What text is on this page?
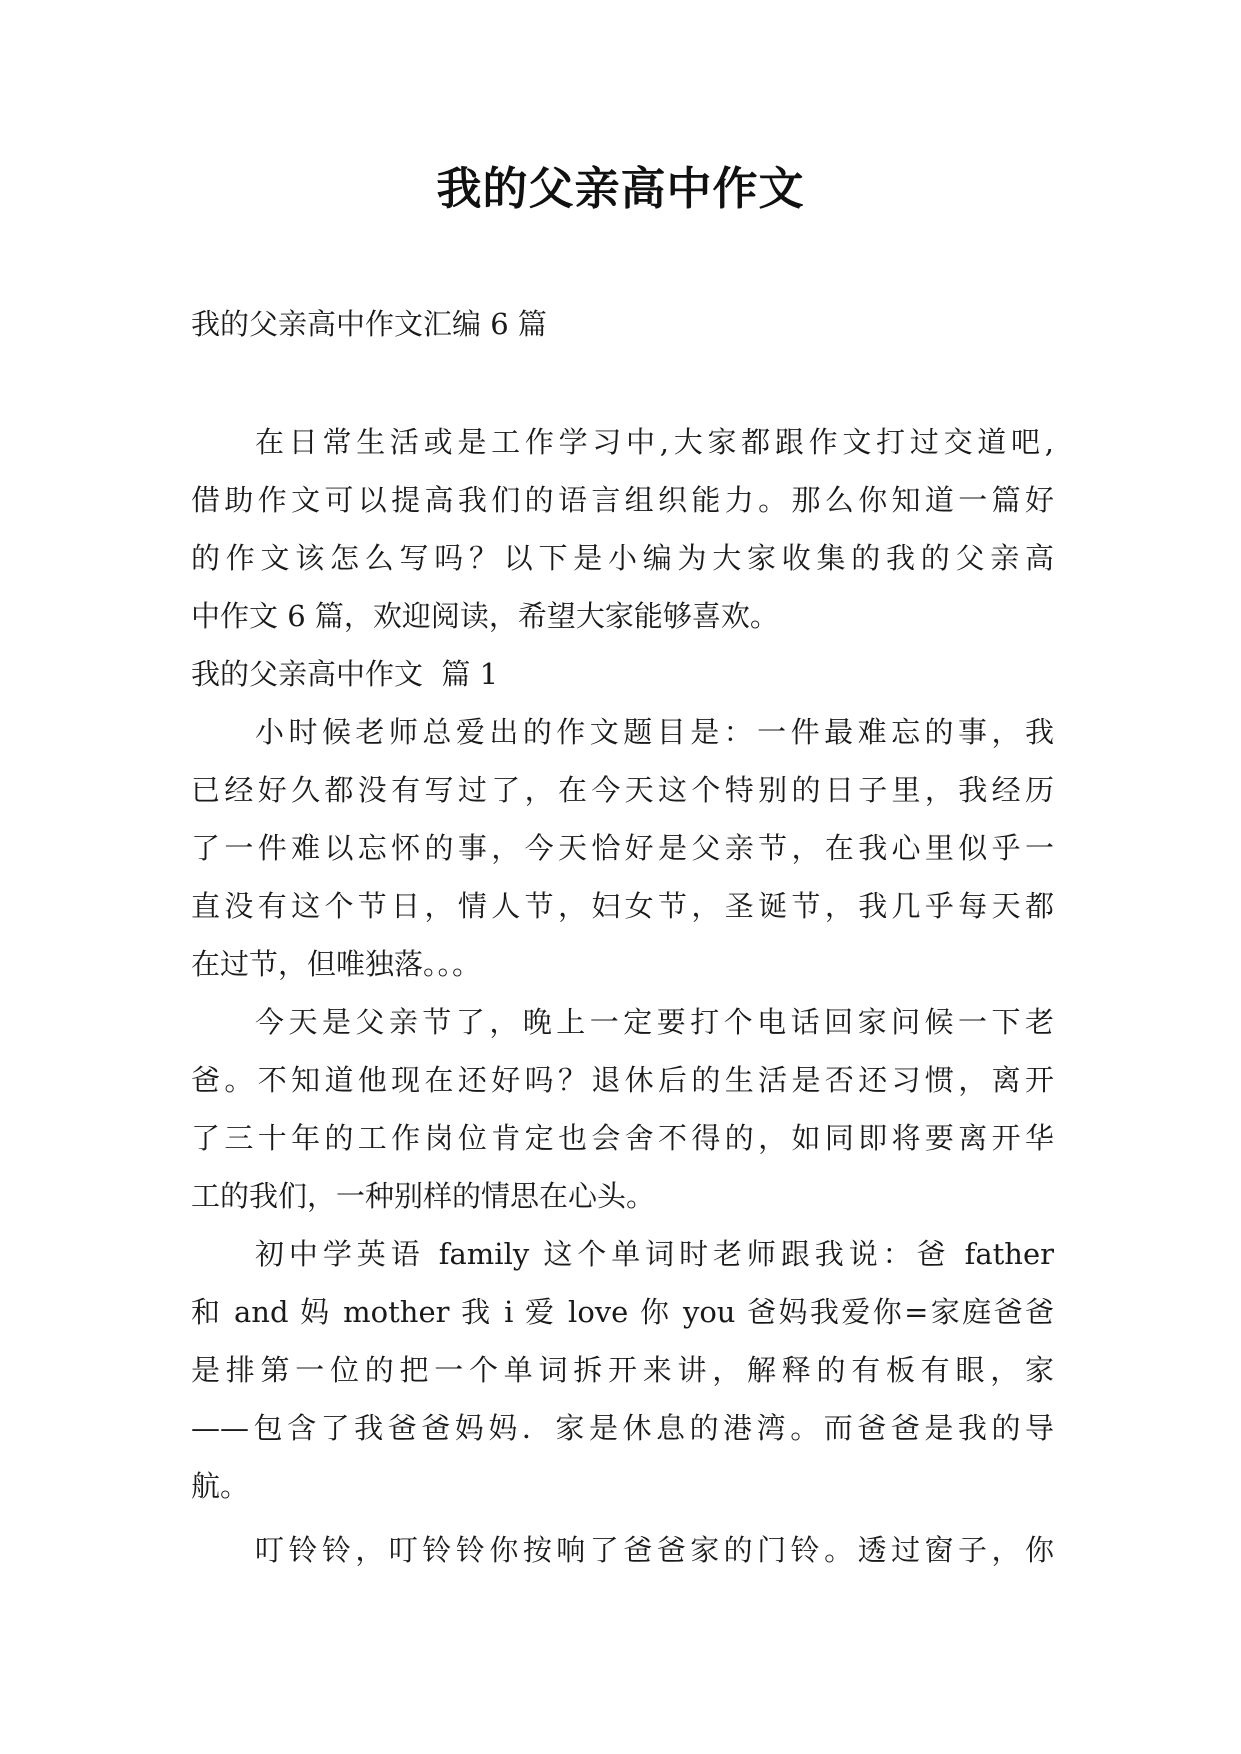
我的父亲高中作文
我的父亲高中作文汇编 6 篇
在日常生活或是工作学习中,大家都跟作文打过交道吧,
借助作文可以提高我们的语言组织能力。那么你知道一篇好
的作文该怎么写吗？以下是小编为大家收集的我的父亲高
中作文 6 篇，欢迎阅读，希望大家能够喜欢。
我的父亲高中作文  篇 1
小时候老师总爱出的作文题目是：一件最难忘的事，我
已经好久都没有写过了，在今天这个特别的日子里，我经历
了一件难以忘怀的事，今天恰好是父亲节，在我心里似乎一
直没有这个节日，情人节，妇女节，圣诞节，我几乎每天都
在过节，但唯独落。。。
今天是父亲节了，晚上一定要打个电话回家问候一下老
爸。不知道他现在还好吗？退休后的生活是否还习惯，离开
了三十年的工作岗位肯定也会舍不得的，如同即将要离开华
工的我们，一种别样的情思在心头。
初中学英语 family 这个单词时老师跟我说：爸 father
和 and 妈 mother 我 i 爱 love 你 you 爸妈我爱你=家庭爸爸
是排第一位的把一个单词拆开来讲，解释的有板有眼，家
——包含了我爸爸妈妈．家是休息的港湾。而爸爸是我的导
航。
叮铃铃，叮铃铃你按响了爸爸家的门铃。透过窗子，你
